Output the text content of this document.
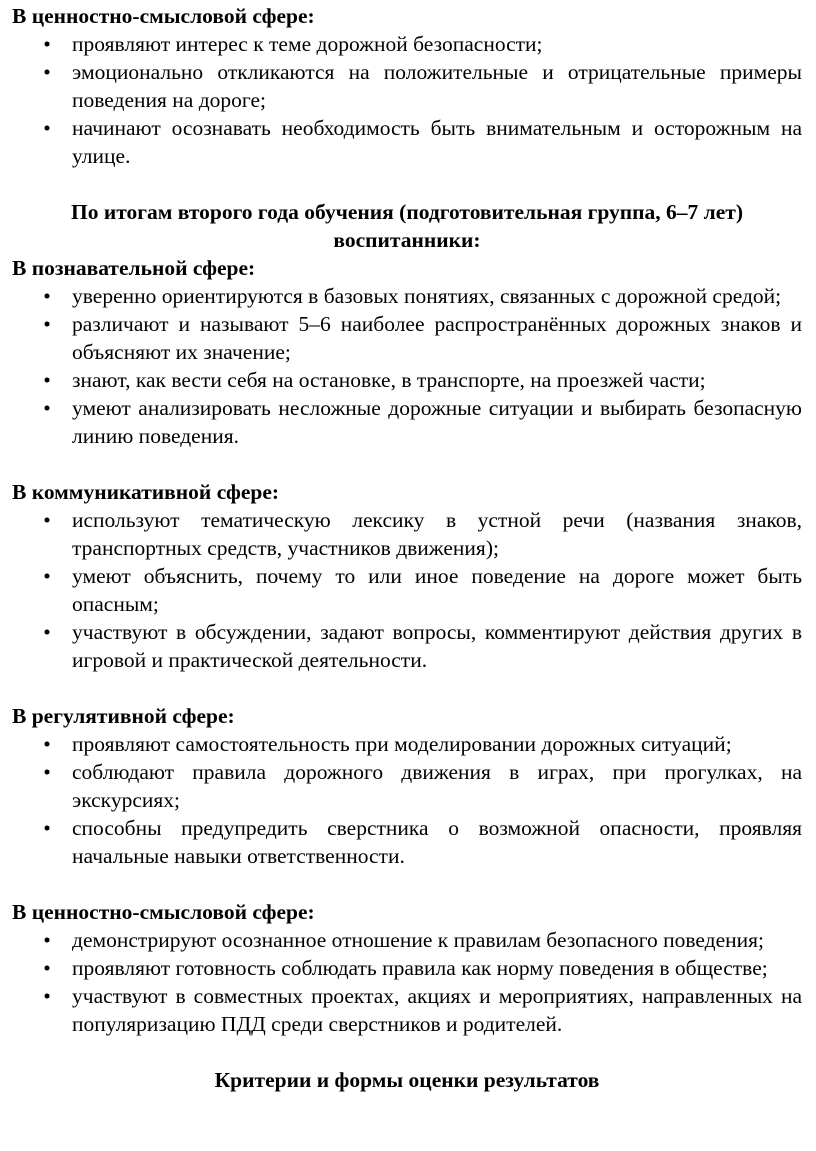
В ценностно-смысловой сфере:

• проявляют интерес к теме дорожной безопасности;
• эмоционально откликаются на положительные и отрицательные примеры поведения на дороге;
• начинают осознавать необходимость быть внимательным и осторожным на улице.

По итогам второго года обучения (подготовительная группа, 6–7 лет) воспитанники:

В познавательной сфере:

• уверенно ориентируются в базовых понятиях, связанных с дорожной средой;
• различают и называют 5–6 наиболее распространённых дорожных знаков и объясняют их значение;
• знают, как вести себя на остановке, в транспорте, на проезжей части;
• умеют анализировать несложные дорожные ситуации и выбирать безопасную линию поведения.

В коммуникативной сфере:

• используют тематическую лексику в устной речи (названия знаков, транспортных средств, участников движения);
• умеют объяснить, почему то или иное поведение на дороге может быть опасным;
• участвуют в обсуждении, задают вопросы, комментируют действия других в игровой и практической деятельности.

В регулятивной сфере:

• проявляют самостоятельность при моделировании дорожных ситуаций;
• соблюдают правила дорожного движения в играх, при прогулках, на экскурсиях;
• способны предупредить сверстника о возможной опасности, проявляя начальные навыки ответственности.

В ценностно-смысловой сфере:

• демонстрируют осознанное отношение к правилам безопасного поведения;
• проявляют готовность соблюдать правила как норму поведения в обществе;
• участвуют в совместных проектах, акциях и мероприятиях, направленных на популяризацию ПДД среди сверстников и родителей.

Критерии и формы оценки результатов
